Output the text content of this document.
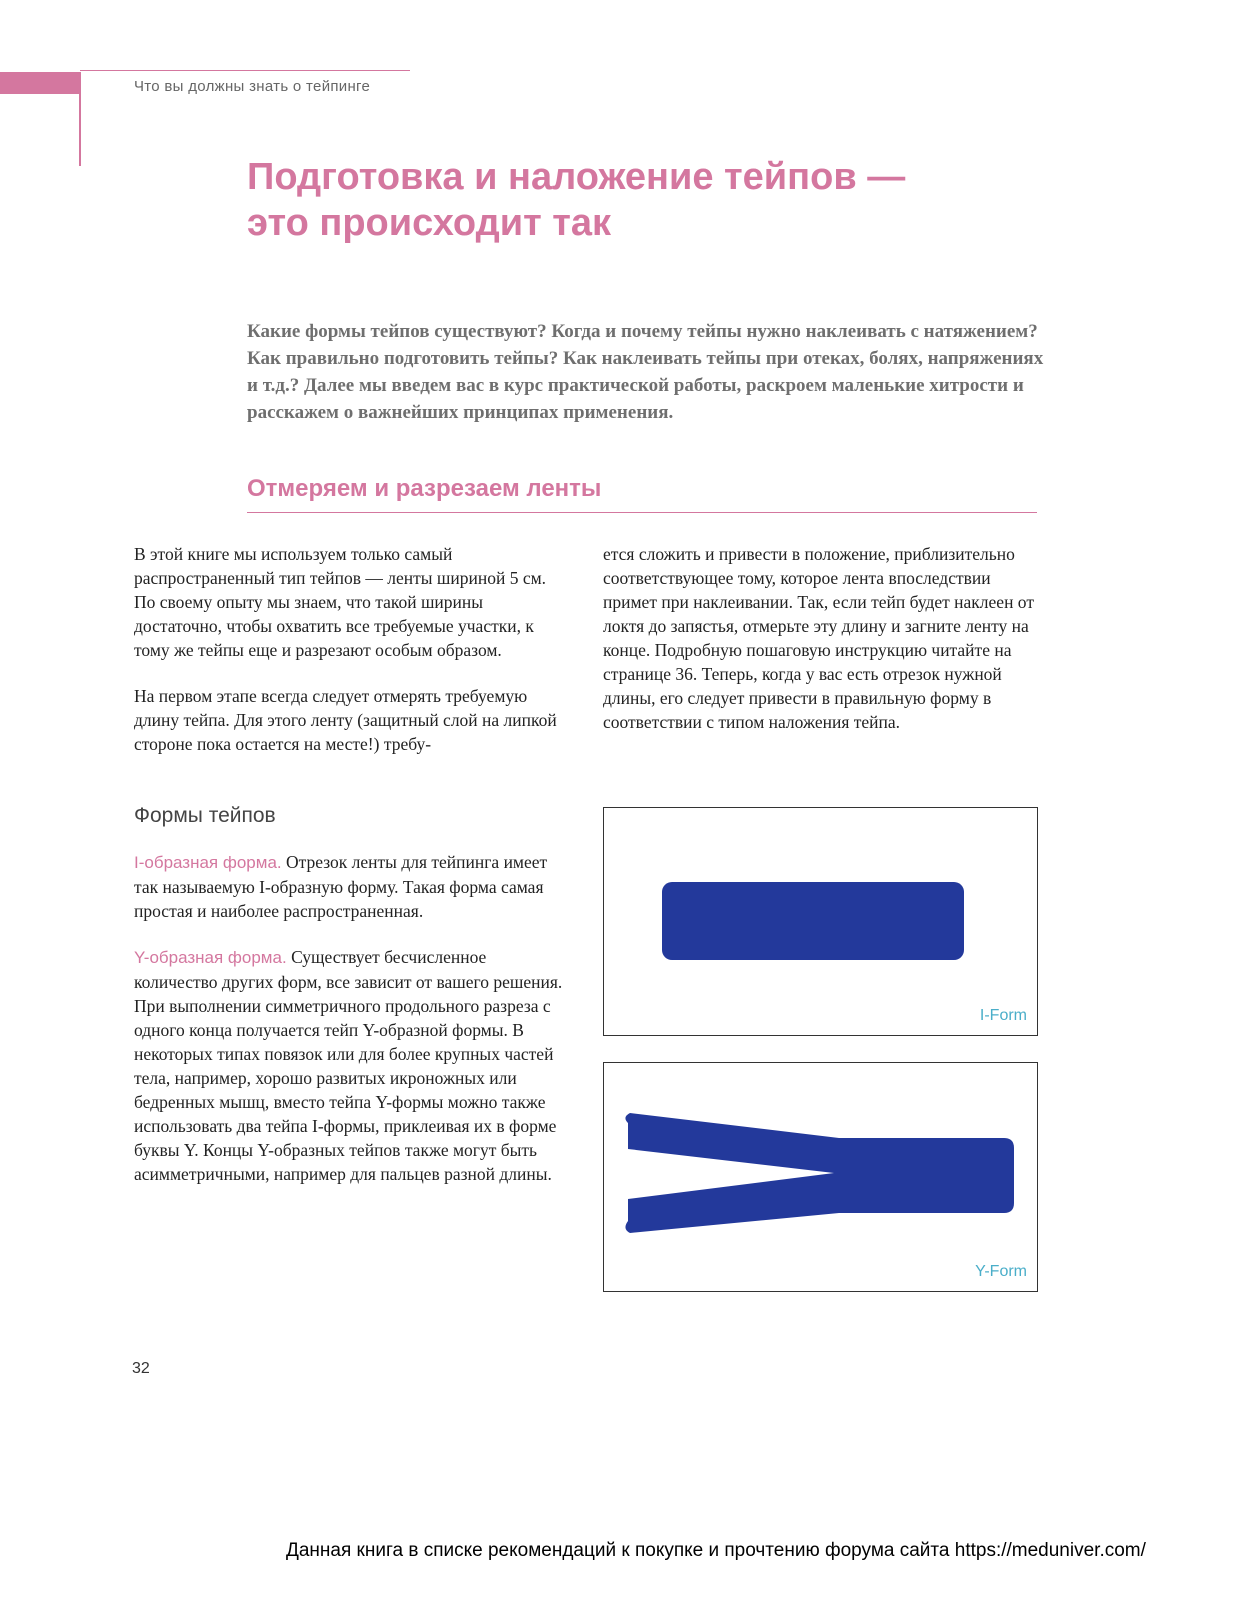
Что вы должны знать о тейпинге
Подготовка и наложение тейпов —
это происходит так

Какие формы тейпов существуют? Когда и почему тейпы нужно наклеивать с натяжением? Как правильно подготовить тейпы? Как наклеивать тейпы при отеках, болях, напряжениях и т.д.? Далее мы введем вас в курс практической работы, раскроем маленькие хитрости и расскажем о важнейших принципах применения.

Отмеряем и разрезаем ленты

В этой книге мы используем только самый распространенный тип тейпов — ленты шириной 5 см. По своему опыту мы знаем, что такой ширины достаточно, чтобы охватить все требуемые участки, к тому же тейпы еще и разрезают особым образом.

На первом этапе всегда следует отмерять требуемую длину тейпа. Для этого ленту (защитный слой на липкой стороне пока остается на месте!) требу-

ется сложить и привести в положение, приблизительно соответствующее тому, которое лента впоследствии примет при наклеивании. Так, если тейп будет наклеен от локтя до запястья, отмерьте эту длину и загните ленту на конце. Подробную пошаговую инструкцию читайте на странице 36. Теперь, когда у вас есть отрезок нужной длины, его следует привести в правильную форму в соответствии с типом наложения тейпа.

Формы тейпов

I-образная форма. Отрезок ленты для тейпинга имеет так называемую I-образную форму. Такая форма самая простая и наиболее распространенная.

Y-образная форма. Существует бесчисленное количество других форм, все зависит от вашего решения. При выполнении симметричного продольного разреза с одного конца получается тейп Y-образной формы. В некоторых типах повязок или для более крупных частей тела, например, хорошо развитых икроножных или бедренных мышц, вместо тейпа Y-формы можно также использовать два тейпа I-формы, приклеивая их в форме буквы Y. Концы Y-образных тейпов также могут быть асимметричными, например для пальцев разной длины.

I-Form
Y-Form
32
Данная книга в списке рекомендаций к покупке и прочтению форума сайта https://meduniver.com/
